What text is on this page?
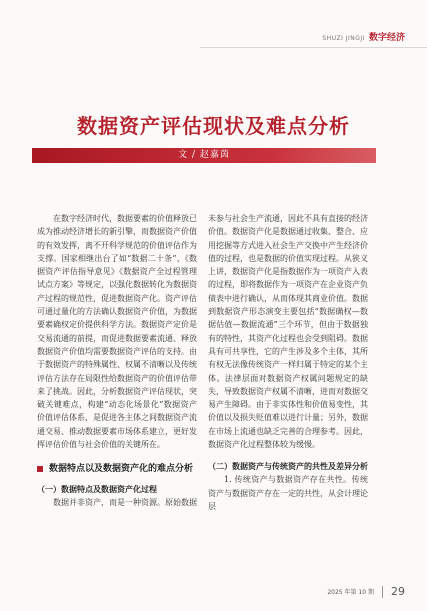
SHUZI JINGJI 数字经济
数据资产评估现状及难点分析
文 / 赵嘉茵

在数字经济时代，数据要素的价值释放已成为推动经济增长的新引擎，而数据资产价值的有效发挥，离不开科学规范的价值评估作为支撑。国家相继出台了如“数据二十条”、《数据资产评估指导意见》《数据资产全过程管理试点方案》等规定，以强化数据转化为数据资产过程的规范性，促进数据资产化。资产评估可通过量化的方法确认数据资产价值，为数据要素确权定价提供科学方法。数据资产定价是交易流通的前提，而促进数据要素流通、释放数据资产价值均需要数据资产评估的支持。由于数据资产的特殊属性、权属不清晰以及传统评估方法存在局限性给数据资产的价值评估带来了挑战。因此，分析数据资产评估现状，突破关键难点，构建“动态化场景化”数据资产价值评估体系，是促进各主体之间数据资产流通交易、推动数据要素市场体系建立，更好发挥评估价值与社会价值的关键所在。

数据特点以及数据资产化的难点分析
（一）数据特点及数据资产化过程

数据并非资产，而是一种资源。原始数据

未参与社会生产流通，因此不具有直接的经济价值。数据资产化是数据通过收集、整合、应用挖掘等方式进入社会生产交换中产生经济价值的过程，也是数据的价值实现过程。从狭义上讲，数据资产化是指数据作为一项资产入表的过程，即将数据作为一项资产在企业资产负债表中进行确认，从而体现其商业价值。数据到数据资产形态演变主要包括“数据确权—数据估值—数据流通”三个环节，但由于数据独有的特性，其资产化过程也会受到阻碍。数据具有可共享性，它的产生涉及多个主体，其所有权无法像传统资产一样归属于特定的某个主体。法律层面对数据资产权属问题规定的缺失，导致数据资产权属不清晰，进而对数据交易产生障碍。由于非实体性和价值易变性，其价值以及损失贬值难以进行计量；另外，数据在市场上流通也缺乏完善的合理参考。因此，数据资产化过程整体较为缓慢。

（二）数据资产与传统资产的共性及差异分析

1. 传统资产与数据资产存在共性。传统资产与数据资产存在一定的共性，从会计理论层

2025 年第 10 期 29
